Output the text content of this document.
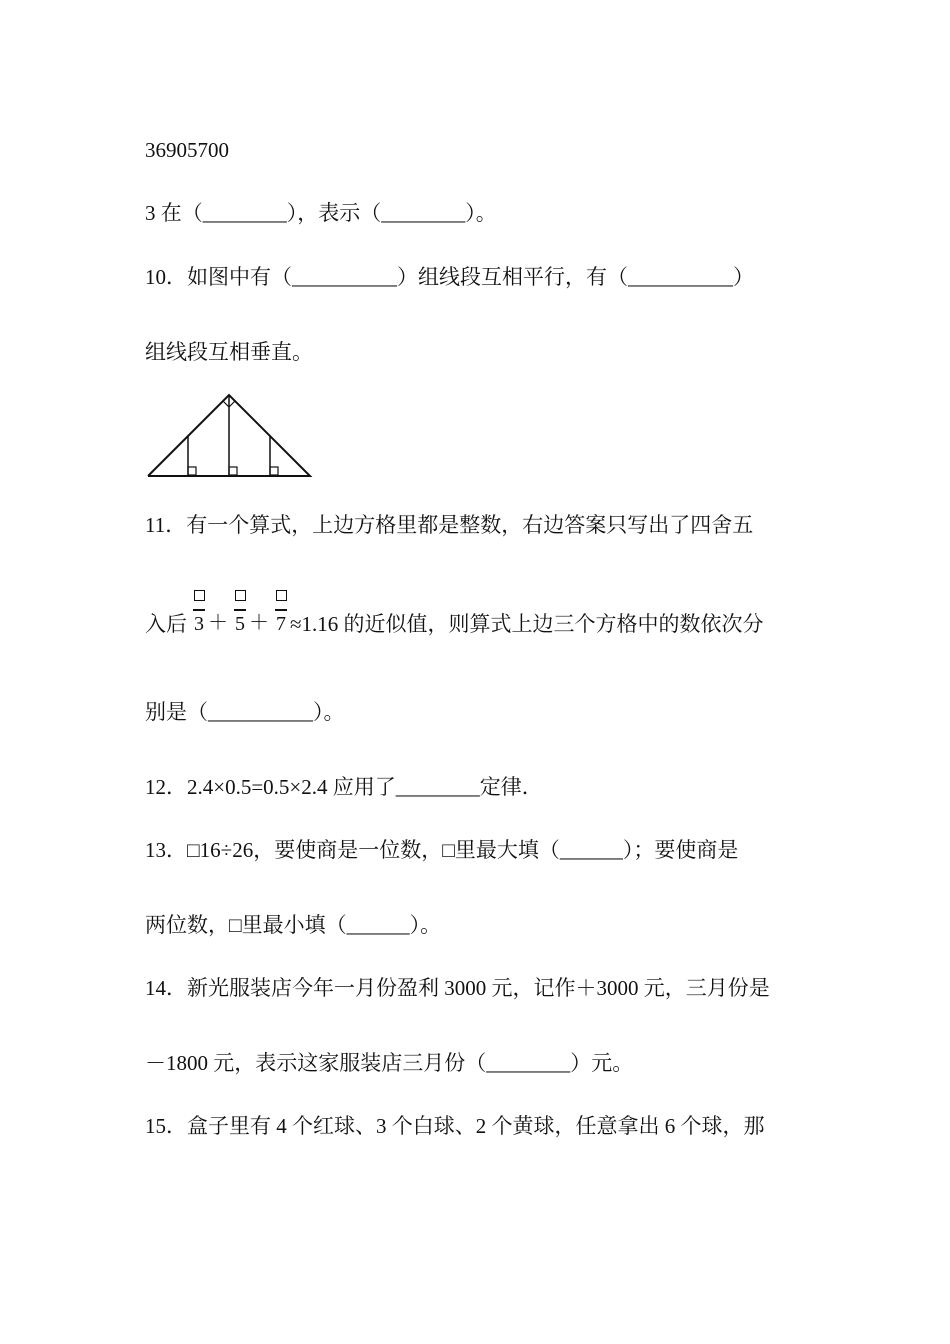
36905700
3 在（________），表示（________）。
10．如图中有（__________）组线段互相平行，有（__________）
组线段互相垂直。
11．有一个算式，上边方格里都是整数，右边答案只写出了四舍五
入后 3 ＋ 5 ＋ 7 ≈1.16 的近似值，则算式上边三个方格中的数依次分
别是（__________）。
12．2.4×0.5=0.5×2.4 应用了________定律．
13．□16÷26，要使商是一位数，□里最大填（______）；要使商是
两位数，□里最小填（______）。
14．新光服装店今年一月份盈利 3000 元，记作＋3000 元，三月份是
－1800 元，表示这家服装店三月份（________）元。
15．盒子里有 4 个红球、3 个白球、2 个黄球，任意拿出 6 个球，那
